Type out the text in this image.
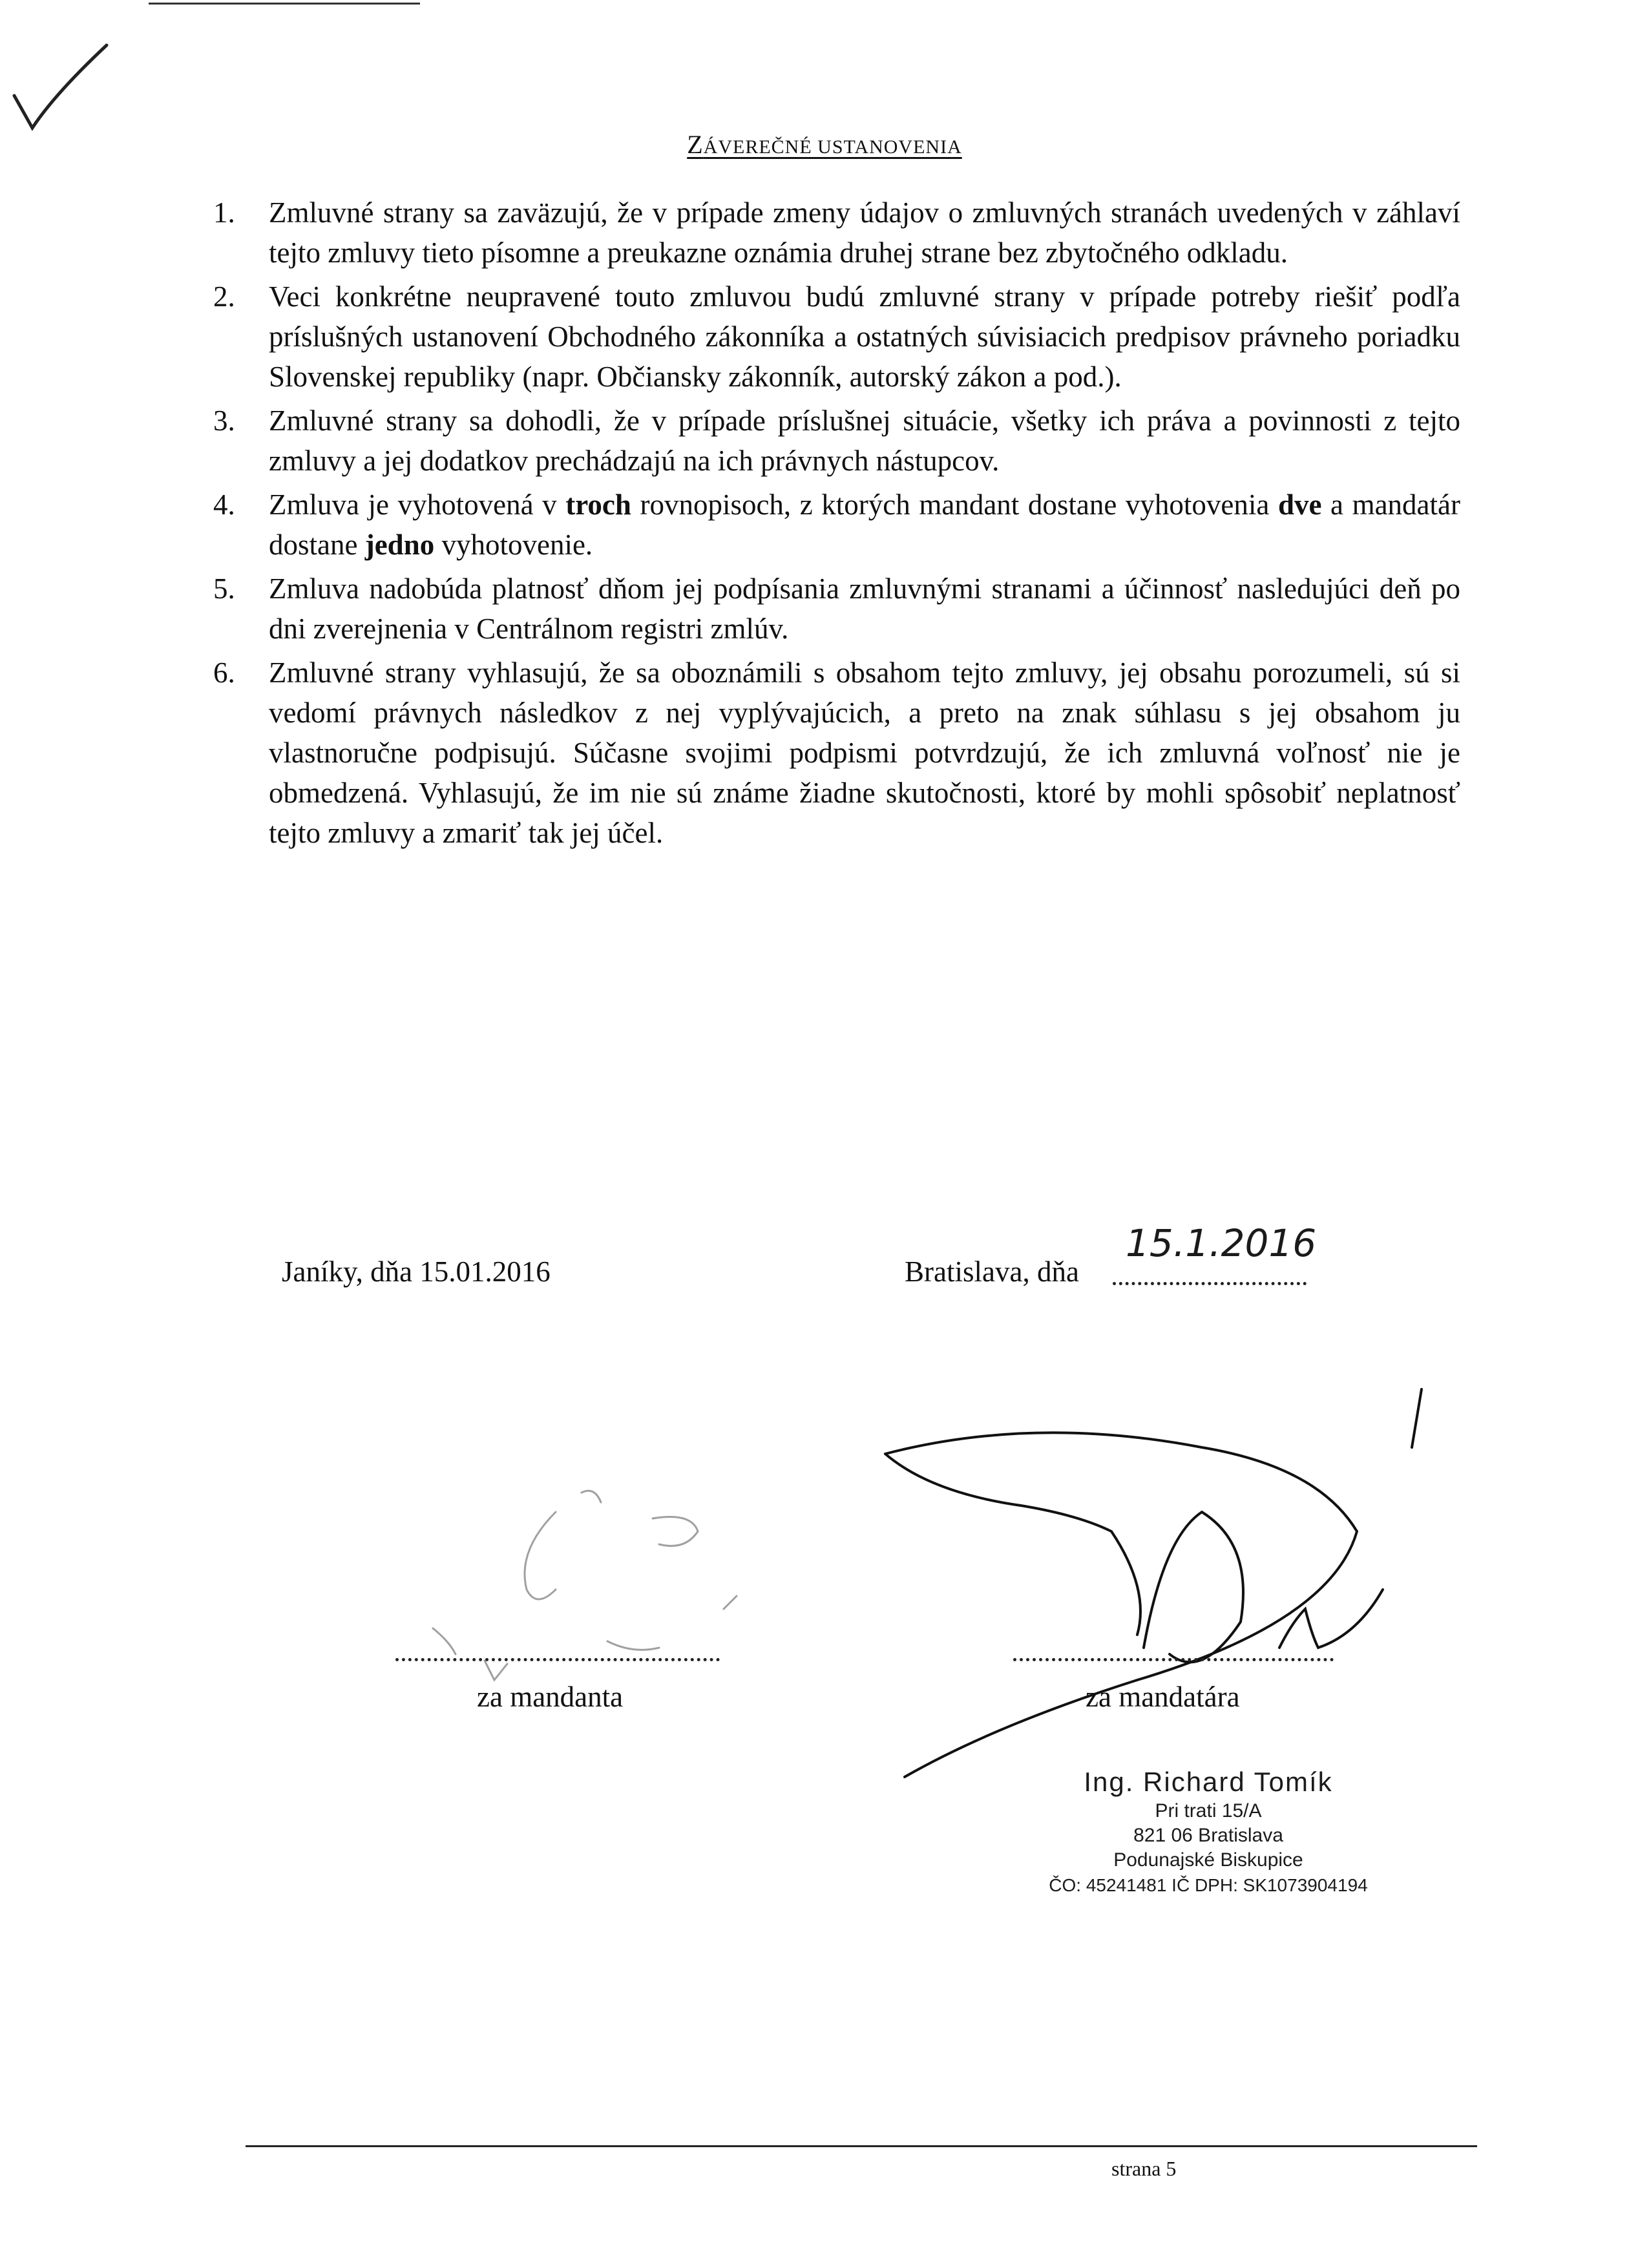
ZÁVEREČNÉ USTANOVENIA
1. Zmluvné strany sa zaväzujú, že v prípade zmeny údajov o zmluvných stranách uvedených v záhlaví tejto zmluvy tieto písomne a preukazne oznámia druhej strane bez zbytočného odkladu.
2. Veci konkrétne neupravené touto zmluvou budú zmluvné strany v prípade potreby riešiť podľa príslušných ustanovení Obchodného zákonníka a ostatných súvisiacich predpisov právneho poriadku Slovenskej republiky (napr. Občiansky zákonník, autorský zákon a pod.).
3. Zmluvné strany sa dohodli, že v prípade príslušnej situácie, všetky ich práva a povinnosti z tejto zmluvy a jej dodatkov prechádzajú na ich právnych nástupcov.
4. Zmluva je vyhotovená v troch rovnopisoch, z ktorých mandant dostane vyhotovenia dve a mandatár dostane jedno vyhotovenie.
5. Zmluva nadobúda platnosť dňom jej podpísania zmluvnými stranami a účinnosť nasledujúci deň po dni zverejnenia v Centrálnom registri zmlúv.
6. Zmluvné strany vyhlasujú, že sa oboznámili s obsahom tejto zmluvy, jej obsahu porozumeli, sú si vedomí právnych následkov z nej vyplývajúcich, a preto na znak súhlasu s jej obsahom ju vlastnoručne podpisujú. Súčasne svojimi podpismi potvrdzujú, že ich zmluvná voľnosť nie je obmedzená. Vyhlasujú, že im nie sú známe žiadne skutočnosti, ktoré by mohli spôsobiť neplatnosť tejto zmluvy a zmariť tak jej účel.
Janíky, dňa 15.01.2016	Bratislava, dňa
15.1.2016
za mandanta	za mandatára
Ing. Richard Tomík
Pri trati 15/A
821 06 Bratislava
Podunajské Biskupice
ČO: 45241481 IČ DPH: SK1073904194
strana 5
